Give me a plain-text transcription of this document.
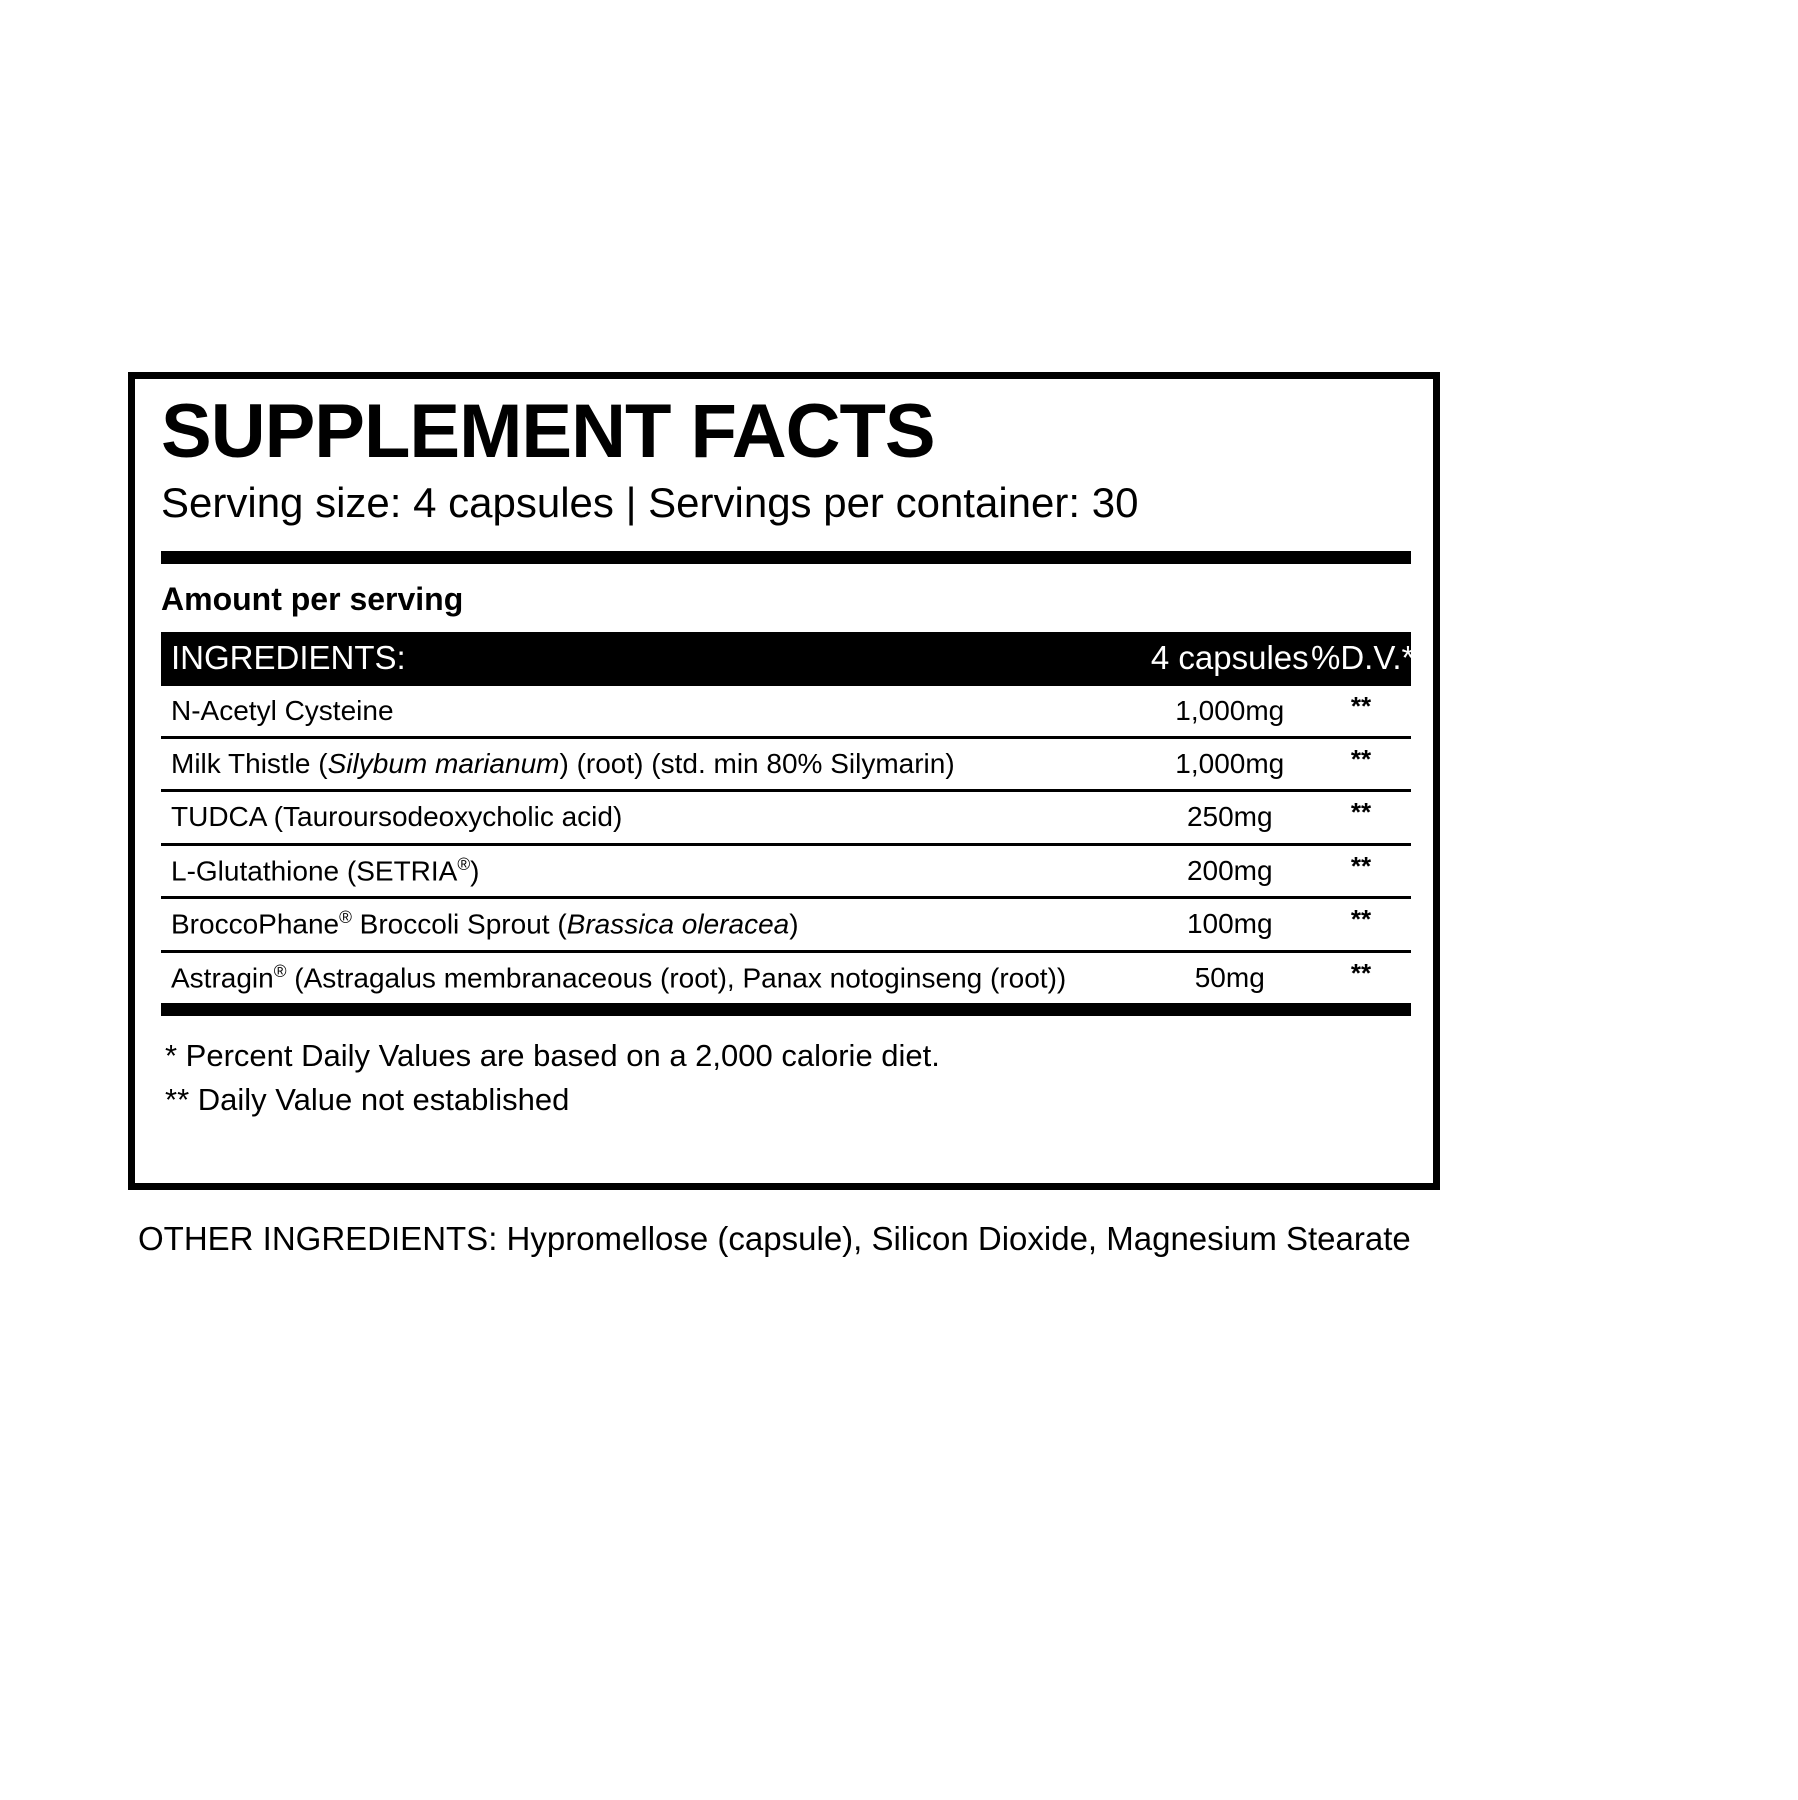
SUPPLEMENT FACTS
Serving size: 4 capsules | Servings per container: 30
Amount per serving
INGREDIENTS:	4 capsules	%D.V.*
N-Acetyl Cysteine	1,000mg	**
Milk Thistle (Silybum marianum) (root) (std. min 80% Silymarin)	1,000mg	**
TUDCA (Tauroursodeoxycholic acid)	250mg	**
L-Glutathione (SETRIA®)	200mg	**
BroccoPhane® Broccoli Sprout (Brassica oleracea)	100mg	**
Astragin® (Astragalus membranaceous (root), Panax notoginseng (root))	50mg	**
* Percent Daily Values are based on a 2,000 calorie diet.
** Daily Value not established
OTHER INGREDIENTS: Hypromellose (capsule), Silicon Dioxide, Magnesium Stearate
